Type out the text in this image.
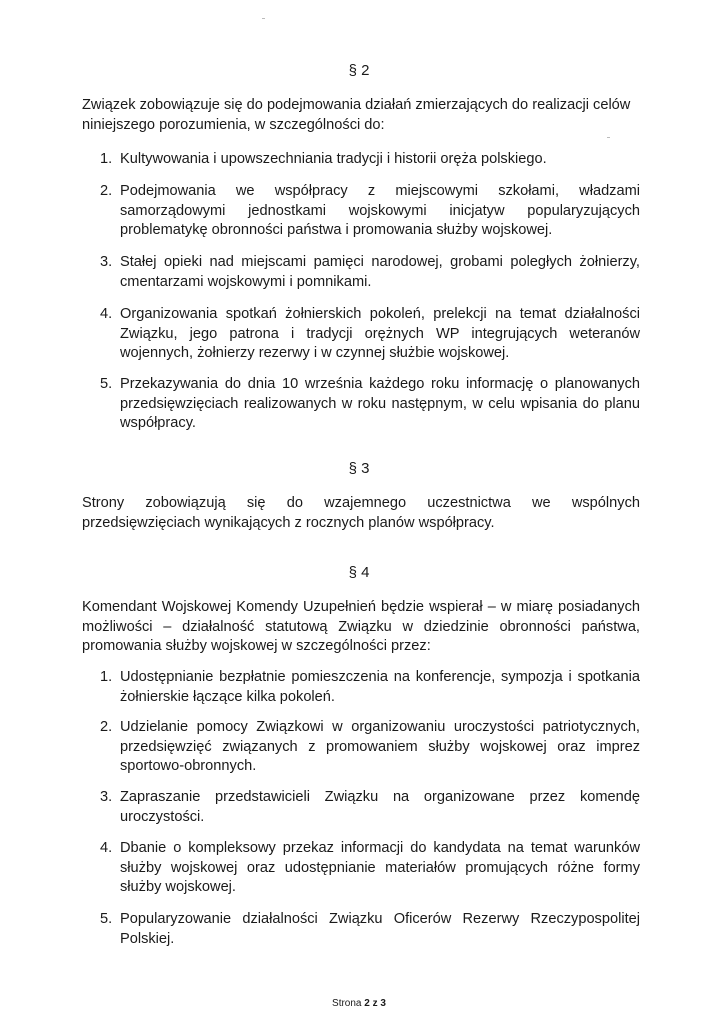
§ 2
Związek zobowiązuje się do podejmowania działań zmierzających do realizacji celów
niniejszego porozumienia, w szczególności do:
1. Kultywowania i upowszechniania tradycji i historii oręża polskiego.
2. Podejmowania we współpracy z miejscowymi szkołami, władzami samorządowymi jednostkami wojskowymi inicjatyw popularyzujących problematykę obronności państwa i promowania służby wojskowej.
3. Stałej opieki nad miejscami pamięci narodowej, grobami poległych żołnierzy, cmentarzami wojskowymi i pomnikami.
4. Organizowania spotkań żołnierskich pokoleń, prelekcji na temat działalności Związku, jego patrona i tradycji orężnych WP integrujących weteranów wojennych, żołnierzy rezerwy i w czynnej służbie wojskowej.
5. Przekazywania do dnia 10 września każdego roku informację o planowanych przedsięwzięciach realizowanych w roku następnym, w celu wpisania do planu współpracy.
§ 3
Strony zobowiązują się do wzajemnego uczestnictwa we wspólnych przedsięwzięciach wynikających z rocznych planów współpracy.
§ 4
Komendant Wojskowej Komendy Uzupełnień będzie wspierał – w miarę posiadanych możliwości – działalność statutową Związku w dziedzinie obronności państwa, promowania służby wojskowej w szczególności przez:
1. Udostępnianie bezpłatnie pomieszczenia na konferencje, sympozja i spotkania żołnierskie łączące kilka pokoleń.
2. Udzielanie pomocy Związkowi w organizowaniu uroczystości patriotycznych, przedsięwzięć związanych z promowaniem służby wojskowej oraz imprez sportowo-obronnych.
3. Zapraszanie przedstawicieli Związku na organizowane przez komendę uroczystości.
4. Dbanie o kompleksowy przekaz informacji do kandydata na temat warunków służby wojskowej oraz udostępnianie materiałów promujących różne formy służby wojskowej.
5. Popularyzowanie działalności Związku Oficerów Rezerwy Rzeczypospolitej Polskiej.
Strona 2 z 3
